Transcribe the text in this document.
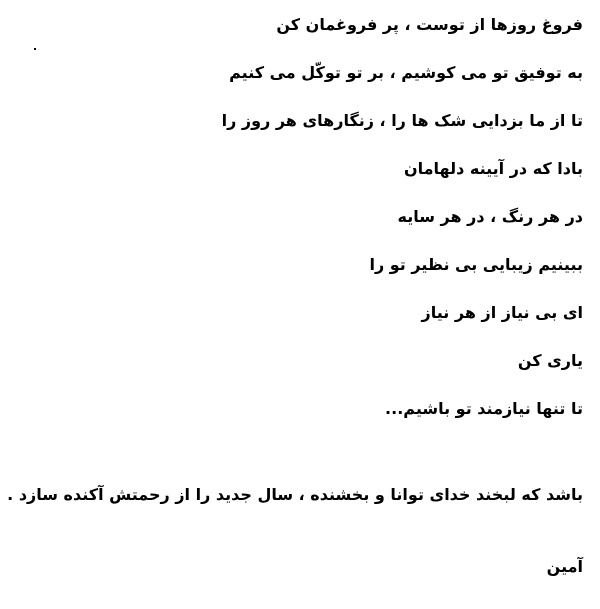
فروغ روزها از توست ، پر فروغمان کن

به توفیق تو می کوشیم ، بر تو توکّل می کنیم

تا از ما بزدایی شک ها را ، زنگارهای هر روز را

بادا که در آیینه دلهامان

در هر رنگ ، در هر سایه

ببینیم زیبایی بی نظیر تو را

ای بی نیاز از هر نیاز

یاری کن

تا تنها نیازمند تو باشیم...

باشد که لبخند خدای توانا و بخشنده ، سال جدید را از رحمتش آکنده سازد .

آمین
